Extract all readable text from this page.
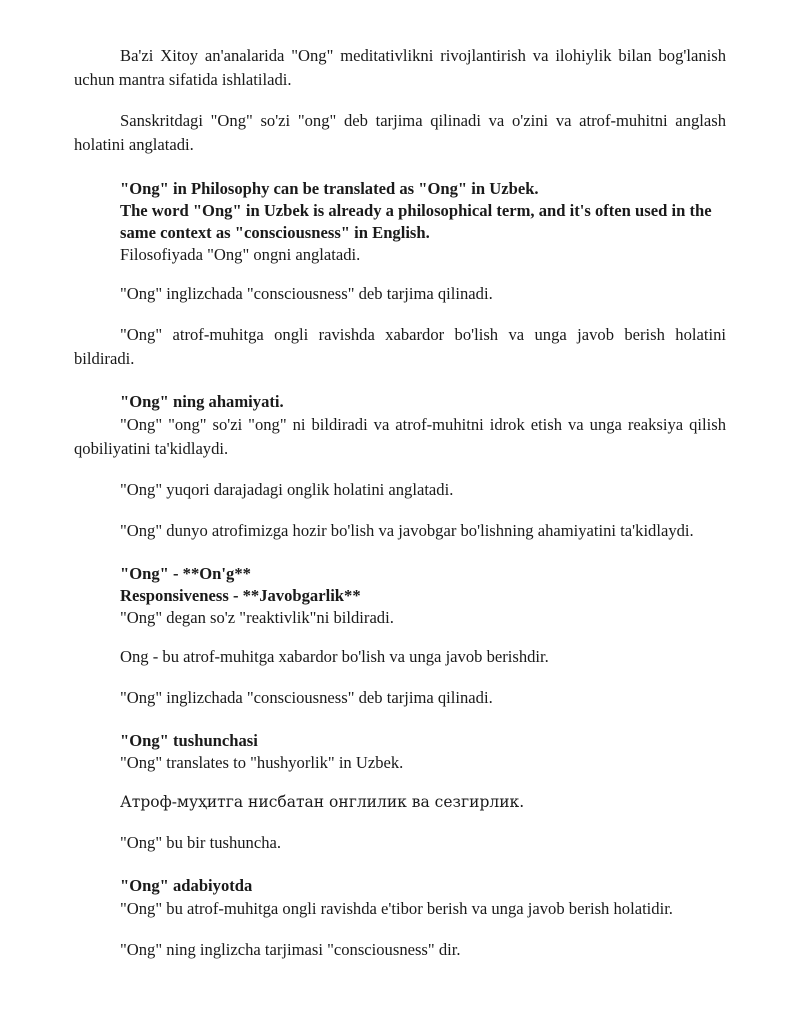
Ba'zi Xitoy an'analarida "Ong" meditativlikni rivojlantirish va ilohiylik bilan bog'lanish uchun mantra sifatida ishlatiladi.

Sanskritdagi "Ong" so'zi "ong" deb tarjima qilinadi va o'zini va atrof-muhitni anglash holatini anglatadi.

"Ong" in Philosophy can be translated as "Ong" in Uzbek.

The word "Ong" in Uzbek is already a philosophical term, and it's often used in the same context as "consciousness" in English.

Filosofiyada "Ong" ongni anglatadi.

"Ong" inglizchada "consciousness" deb tarjima qilinadi.

"Ong" atrof-muhitga ongli ravishda xabardor bo'lish va unga javob berish holatini bildiradi.

"Ong" ning ahamiyati.

"Ong" "ong" so'zi "ong" ni bildiradi va atrof-muhitni idrok etish va unga reaksiya qilish qobiliyatini ta'kidlaydi.

"Ong" yuqori darajadagi onglik holatini anglatadi.

"Ong" dunyo atrofimizga hozir bo'lish va javobgar bo'lishning ahamiyatini ta'kidlaydi.

"Ong" - **On'g**

Responsiveness - **Javobgarlik**

"Ong" degan so'z "reaktivlik"ni bildiradi.

Ong - bu atrof-muhitga xabardor bo'lish va unga javob berishdir.

"Ong" inglizchada "consciousness" deb tarjima qilinadi.

"Ong" tushunchasi

"Ong" translates to "hushyorlik" in Uzbek.

Атроф-муҳитга нисбатан онглилик ва сезгирлик.

"Ong" bu bir tushuncha.

"Ong" adabiyotda

"Ong" bu atrof-muhitga ongli ravishda e'tibor berish va unga javob berish holatidir.

"Ong" ning inglizcha tarjimasi "consciousness" dir.
